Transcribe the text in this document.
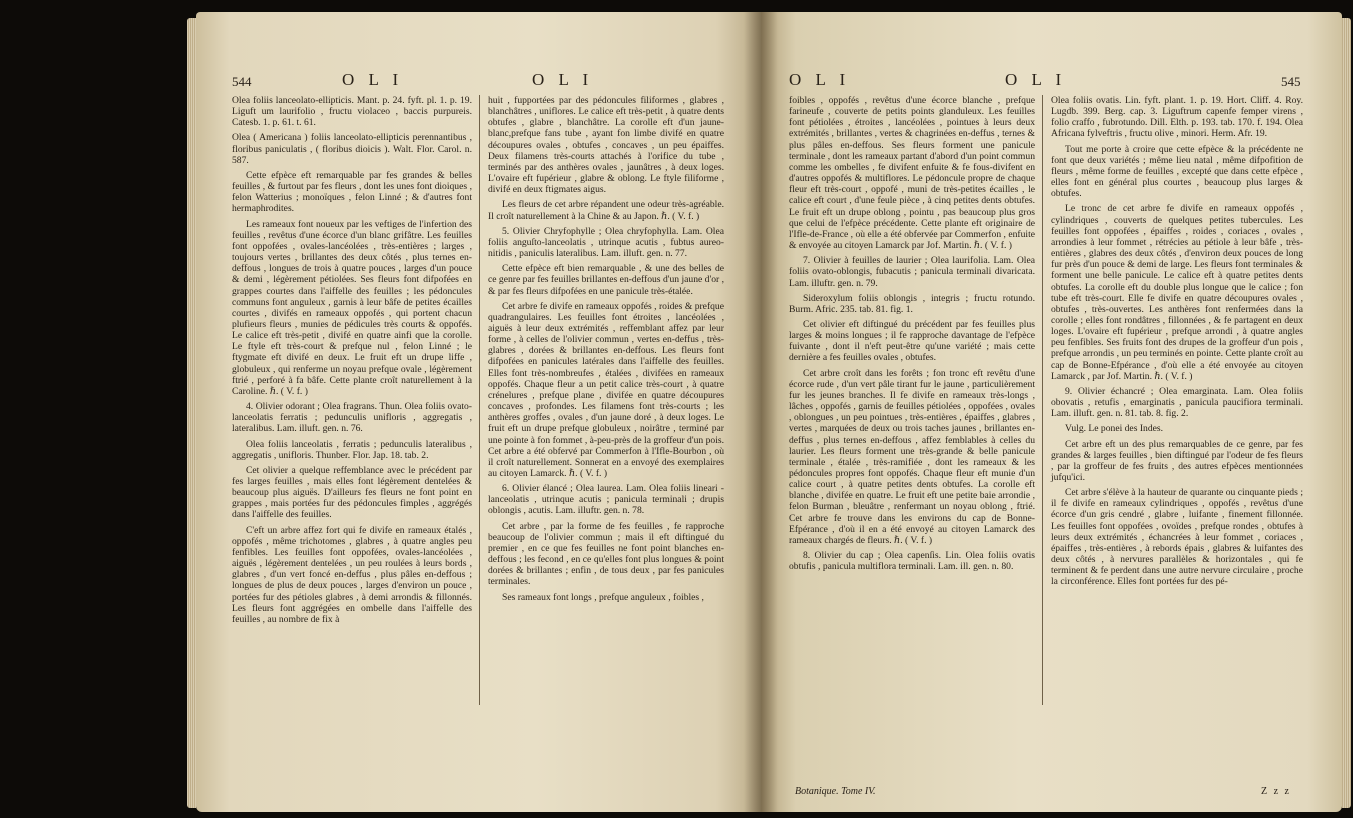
544	O L I	O L I

Olea foliis lanceolato-ellipticis. Mant. p. 24. fyft. pl. 1. p. 19. Liguft um laurifolio , fructu violaceo , baccis purpureis. Catesb. 1. p. 61. t. 61.

Olea ( Americana ) foliis lanceolato-ellipticis perennantibus , floribus paniculatis , ( floribus dioicis ). Walt. Flor. Carol. n. 587.

Cette efpèce eft remarquable par fes grandes & belles feuilles , & furtout par fes fleurs , dont les unes font dioiques , felon Watterius ; monoïques , felon Linné ; & d'autres font hermaphrodites.

Les rameaux font noueux par les veftiges de l'infertion des feuilles , revêtus d'une écorce d'un blanc grifâtre. Les feuilles font oppofées , ovales-lancéolées , très-entières ; larges , toujours vertes , brillantes des deux côtés , plus ternes en-deffous , longues de trois à quatre pouces , larges d'un pouce & demi , légèrement pétiolées. Ses fleurs font difpofées en grappes courtes dans l'aiffelle des feuilles ; les pédoncules communs font anguleux , garnis à leur bâfe de petites écailles courtes , divifés en rameaux oppofés , qui portent chacun plufieurs fleurs , munies de pédicules très courts & oppofés. Le calice eft très-petit , divifé en quatre ainfi que la corolle. Le ftyle eft très-court & prefque nul , felon Linné ; le ftygmate eft divifé en deux. Le fruit eft un drupe liffe , globuleux , qui renferme un noyau prefque ovale , légèrement ftrié , perforé à fa bâfe. Cette plante croît naturellement à la Caroline. ℏ. ( V. f. )

4. Olivier odorant ; Olea fragrans. Thun. Olea foliis ovato-lanceolatis ferratis ; pedunculis unifloris , aggregatis , lateralibus. Lam. illuft. gen. n. 76.

Olea foliis lanceolatis , ferratis ; pedunculis lateralibus , aggregatis , unifloris. Thunber. Flor. Jap. 18. tab. 2.

Cet olivier a quelque reffemblance avec le précédent par fes larges feuilles , mais elles font légèrement dentelées & beaucoup plus aiguës. D'ailleurs fes fleurs ne font point en grappes , mais portées fur des pédoncules fimples , aggrégés dans l'aiffelle des feuilles.

C'eft un arbre affez fort qui fe divife en rameaux étalés , oppofés , même trichotomes , glabres , à quatre angles peu fenfibles. Les feuilles font oppofées, ovales-lancéolées , aiguës , légèrement dentelées , un peu roulées à leurs bords , glabres , d'un vert foncé en-deffus , plus pâles en-deffous ; longues de plus de deux pouces , larges d'environ un pouce , portées fur des pétioles glabres , à demi arrondis & fillonnés. Les fleurs font aggrégées en ombelle dans l'aiffelle des feuilles , au nombre de fix à

huit , fupportées par des pédoncules filiformes , glabres , blanchâtres , uniflores. Le calice eft très-petit , à quatre dents obtufes , glabre , blanchâtre. La corolle eft d'un jaune-blanc,prefque fans tube , ayant fon limbe divifé en quatre découpures ovales , obtufes , concaves , un peu épaiffes. Deux filamens très-courts attachés à l'orifice du tube , terminés par des anthères ovales , jaunâtres , à deux loges. L'ovaire eft fupérieur , glabre & oblong. Le ftyle filiforme , divifé en deux ftigmates aigus.

Les fleurs de cet arbre répandent une odeur très-agréable. Il croît naturellement à la Chine & au Japon. ℏ. ( V. f. )

5. Olivier Chryfophylle ; Olea chryfophylla. Lam. Olea foliis anguſto-lanceolatis , utrinque acutis , fubtus aureo-nitidis , paniculis lateralibus. Lam. illuft. gen. n. 77.

Cette efpèce eft bien remarquable , & une des belles de ce genre par fes feuilles brillantes en-deffous d'un jaune d'or , & par fes fleurs difpofées en une panicule très-étalée.

Cet arbre fe divife en rameaux oppofés , roides & prefque quadrangulaires. Les feuilles font étroites , lancéolées , aiguës à leur deux extrémités , reffemblant affez par leur forme , à celles de l'olivier commun , vertes en-deffus , très-glabres , dorées & brillantes en-deffous. Les fleurs font difpofées en panicules latérales dans l'aiffelle des feuilles. Elles font très-nombreufes , étalées , divifées en rameaux oppofés. Chaque fleur a un petit calice très-court , à quatre crénelures , prefque plane , divifée en quatre découpures concaves , profondes. Les filamens font très-courts ; les anthères groffes , ovales , d'un jaune doré , à deux loges. Le fruit eft un drupe prefque globuleux , noirâtre , terminé par une pointe à fon fommet , à-peu-près de la groffeur d'un pois. Cet arbre a été obfervé par Commerfon à l'Ifle-Bourbon , où il croît naturellement. Sonnerat en a envoyé des exemplaires au citoyen Lamarck. ℏ. ( V. f. )

6. Olivier élancé ; Olea laurea. Lam. Olea foliis lineari - lanceolatis , utrinque acutis ; panicula terminali ; drupis oblongis , acutis. Lam. illuftr. gen. n. 78.

Cet arbre , par la forme de fes feuilles , fe rapproche beaucoup de l'olivier commun ; mais il eft diftingué du premier , en ce que fes feuilles ne font point blanches en-deffous ; les fecond , en ce qu'elles font plus longues & point dorées & brillantes ; enfin , de tous deux , par fes panicules terminales.

Ses rameaux font longs , prefque anguleux , foibles ,

O L I	O L I	545

foibles , oppofés , revêtus d'une écorce blanche , prefque farineufe , couverte de petits points glanduleux. Les feuilles font pétiolées , étroites , lancéolées , pointues à leurs deux extrémités , brillantes , vertes & chagrinées en-deffus , ternes & plus pâles en-deffous. Ses fleurs forment une panicule terminale , dont les rameaux partant d'abord d'un point commun comme les ombelles , fe divifent enfuite & fe fous-divifent en d'autres oppofés & multiflores. Le pédoncule propre de chaque fleur eft très-court , oppofé , muni de très-petites écailles , le calice eft court , d'une feule pièce , à cinq petites dents obtufes. Le fruit eft un drupe oblong , pointu , pas beaucoup plus gros que celui de l'efpèce précédente. Cette plante eft originaire de l'Ifle-de-France , où elle a été obfervée par Commerfon , enfuite & envoyée au citoyen Lamarck par Jof. Martin. ℏ. ( V. f. )

7. Olivier à feuilles de laurier ; Olea laurifolia. Lam. Olea foliis ovato-oblongis, fubacutis ; panicula terminali divaricata. Lam. illuftr. gen. n. 79.

Sideroxylum foliis oblongis , integris ; fructu rotundo. Burm. Afric. 235. tab. 81. fig. 1.

Cet olivier eft diftingué du précédent par fes feuilles plus larges & moins longues ; il fe rapproche davantage de l'efpèce fuivante , dont il n'eft peut-être qu'une variété ; mais cette dernière a fes feuilles ovales , obtufes.

Cet arbre croît dans les forêts ; fon tronc eft revêtu d'une écorce rude , d'un vert pâle tirant fur le jaune , particulièrement fur les jeunes branches. Il fe divife en rameaux très-longs , lâches , oppofés , garnis de feuilles pétiolées , oppofées , ovales , oblongues , un peu pointues , très-entières , épaiffes , glabres , vertes , marquées de deux ou trois taches jaunes , brillantes en-deffus , plus ternes en-deffous , affez femblables à celles du laurier. Les fleurs forment une très-grande & belle panicule terminale , étalée , très-ramifiée , dont les rameaux & les pédoncules propres font oppofés. Chaque fleur eft munie d'un calice court , à quatre petites dents obtufes. La corolle eft blanche , divifée en quatre. Le fruit eft une petite baie arrondie , felon Burman , bleuâtre , renfermant un noyau oblong , ftrié. Cet arbre fe trouve dans les environs du cap de Bonne-Efpérance , d'où il en a été envoyé au citoyen Lamarck des rameaux chargés de fleurs. ℏ. ( V. f. )

8. Olivier du cap ; Olea capenſis. Lin. Olea foliis ovatis obtufis , panicula multiflora terminali. Lam. ill. gen. n. 80.

Olea foliis ovatis. Lin. fyft. plant. 1. p. 19. Hort. Cliff. 4. Roy. Lugdb. 399. Berg. cap. 3. Liguftrum capenfe femper virens , folio craffo , fubrotundo. Dill. Elth. p. 193. tab. 170. f. 194. Olea Africana fylveftris , fructu olive , minori. Herm. Afr. 19.

Tout me porte à croire que cette efpèce & la précédente ne font que deux variétés ; même lieu natal , même difpofition de fleurs , même forme de feuilles , excepté que dans cette efpèce , elles font en général plus courtes , beaucoup plus larges & obtufes.

Le tronc de cet arbre fe divife en rameaux oppofés , cylindriques , couverts de quelques petites tubercules. Les feuilles font oppofées , épaiffes , roides , coriaces , ovales , arrondies à leur fommet , rétrécies au pétiole à leur bâfe , très-entières , glabres des deux côtés , d'environ deux pouces de long fur près d'un pouce & demi de large. Les fleurs font terminales & forment une belle panicule. Le calice eft à quatre petites dents obtufes. La corolle eft du double plus longue que le calice ; fon tube eft très-court. Elle fe divife en quatre découpures ovales , obtufes , très-ouvertes. Les anthères font renfermées dans la corolle ; elles font rondâtres , fillonnées , & fe partagent en deux loges. L'ovaire eft fupérieur , prefque arrondi , à quatre angles peu fenfibles. Ses fruits font des drupes de la groffeur d'un pois , prefque arrondis , un peu terminés en pointe. Cette plante croît au cap de Bonne-Efpérance , d'où elle a été envoyée au citoyen Lamarck , par Jof. Martin. ℏ. ( V. f. )

9. Olivier échancré ; Olea emarginata. Lam. Olea foliis obovatis , retufis , emarginatis , panicula paucifiora terminali. Lam. illuft. gen. n. 81. tab. 8. fig. 2.

Vulg. Le ponei des Indes.

Cet arbre eft un des plus remarquables de ce genre, par fes grandes & larges feuilles , bien diftingué par l'odeur de fes fleurs , par la groffeur de fes fruits , des autres efpèces mentionnées jufqu'ici.

Cet arbre s'élève à la hauteur de quarante ou cinquante pieds ; il fe divife en rameaux cylindriques , oppofés , revêtus d'une écorce d'un gris cendré , glabre , luifante , finement fillonnée. Les feuilles font oppofées , ovoïdes , prefque rondes , obtufes à leurs deux extrémités , échancrées à leur fommet , coriaces , épaiffes , très-entières , à rebords épais , glabres & luifantes des deux côtés , à nervures parallèles & horizontales , qui fe terminent & fe perdent dans une autre nervure circulaire , proche la circonférence. Elles font portées fur des pé-

Botanique. Tome IV.	Z z z
